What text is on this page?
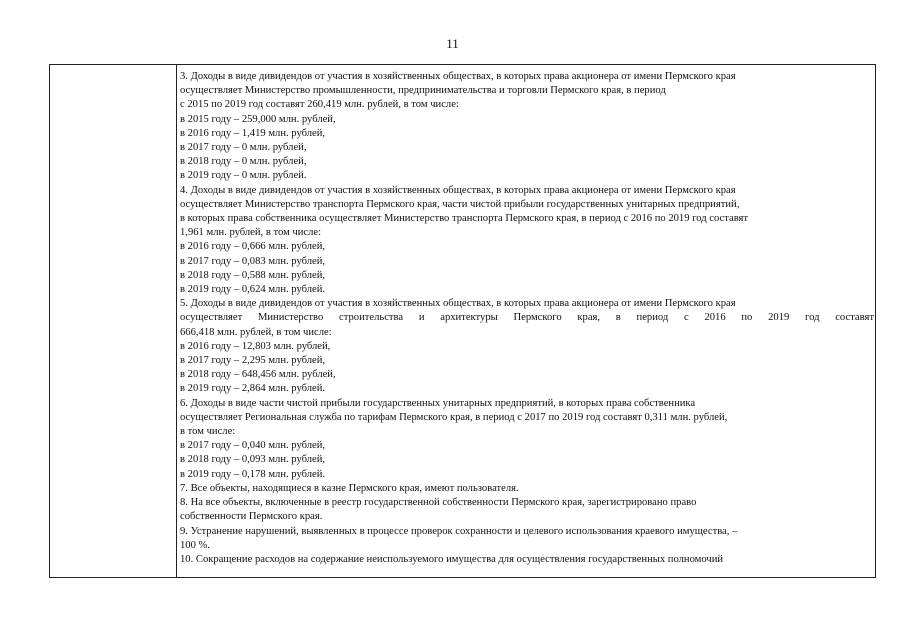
11
3. Доходы в виде дивидендов от участия в хозяйственных обществах, в которых права акционера от имени Пермского края
осуществляет Министерство промышленности, предпринимательства и торговли Пермского края, в период
с 2015 по 2019 год составят 260,419 млн. рублей, в том числе:
в 2015 году – 259,000 млн. рублей,
в 2016 году – 1,419 млн. рублей,
в 2017 году – 0 млн. рублей,
в 2018 году – 0 млн. рублей,
в 2019 году – 0 млн. рублей.
4. Доходы в виде дивидендов от участия в хозяйственных обществах, в которых права акционера от имени Пермского края
осуществляет Министерство транспорта Пермского края, части чистой прибыли государственных унитарных предприятий,
в которых права собственника осуществляет Министерство транспорта Пермского края, в период с 2016 по 2019 год составят
1,961 млн. рублей, в том числе:
в 2016 году – 0,666 млн. рублей,
в 2017 году – 0,083 млн. рублей,
в 2018 году – 0,588 млн. рублей,
в 2019 году – 0,624 млн. рублей.
5. Доходы в виде дивидендов от участия в хозяйственных обществах, в которых права акционера от имени Пермского края
осуществляет Министерство строительства и архитектуры Пермского края, в период с 2016 по 2019 год составят
666,418 млн. рублей, в том числе:
в 2016 году – 12,803 млн. рублей,
в 2017 году – 2,295 млн. рублей,
в 2018 году – 648,456 млн. рублей,
в 2019 году – 2,864 млн. рублей.
6. Доходы в виде части чистой прибыли государственных унитарных предприятий, в которых права собственника
осуществляет Региональная служба по тарифам Пермского края, в период с 2017 по 2019 год составят 0,311 млн. рублей,
в том числе:
в 2017 году – 0,040 млн. рублей,
в 2018 году – 0,093 млн. рублей,
в 2019 году – 0,178 млн. рублей.
7. Все объекты, находящиеся в казне Пермского края, имеют пользователя.
8. На все объекты, включенные в реестр государственной собственности Пермского края, зарегистрировано право
собственности Пермского края.
9. Устранение нарушений, выявленных в процессе проверок сохранности и целевого использования краевого имущества, –
100 %.
10. Сокращение расходов на содержание неиспользуемого имущества для осуществления государственных полномочий
